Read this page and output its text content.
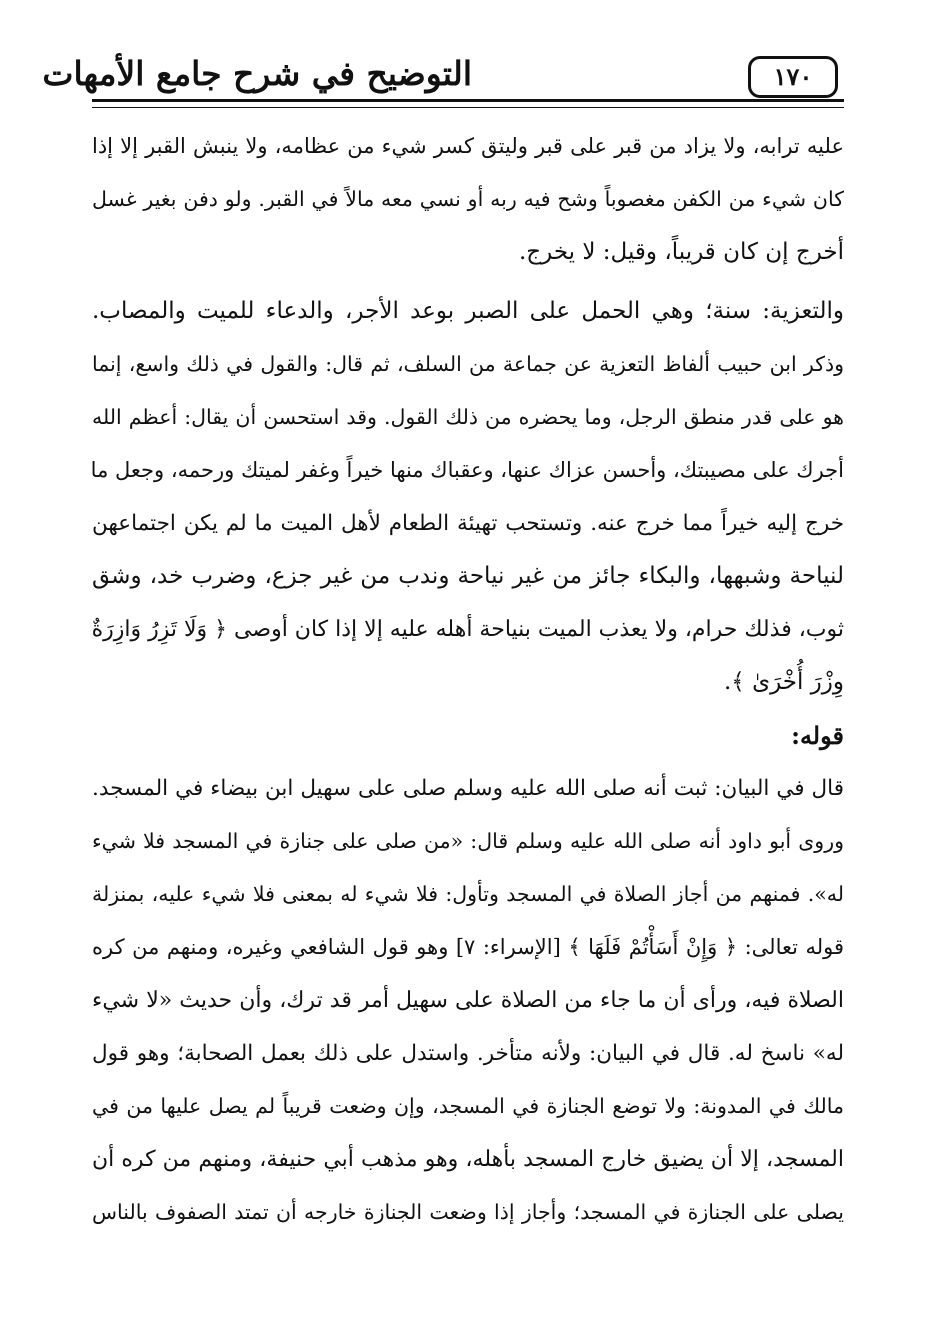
١٧٠
التوضيح في شرح جامع الأمهات
عليه ترابه، ولا يزاد من قبر على قبر وليتق كسر شيء من عظامه، ولا ينبش القبر إلا إذا
كان شيء من الكفن مغصوباً وشح فيه ربه أو نسي معه مالاً في القبر. ولو دفن بغير غسل
أخرج إن كان قريباً، وقيل: لا يخرج.
والتعزية: سنة؛ وهي الحمل على الصبر بوعد الأجر، والدعاء للميت والمصاب.
وذكر ابن حبيب ألفاظ التعزية عن جماعة من السلف، ثم قال: والقول في ذلك واسع، إنما
هو على قدر منطق الرجل، وما يحضره من ذلك القول. وقد استحسن أن يقال: أعظم الله
أجرك على مصيبتك، وأحسن عزاك عنها، وعقباك منها خيراً وغفر لميتك ورحمه، وجعل ما
خرج إليه خيراً مما خرج عنه. وتستحب تهيئة الطعام لأهل الميت ما لم يكن اجتماعهن
لنياحة وشبهها، والبكاء جائز من غير نياحة وندب من غير جزع، وضرب خد، وشق
ثوب، فذلك حرام، ولا يعذب الميت بنياحة أهله عليه إلا إذا كان أوصى ﴿ وَلَا تَزِرُ وَازِرَةٌ
وِزْرَ أُخْرَىٰ ﴾.
قوله:
قال في البيان: ثبت أنه صلى الله عليه وسلم صلى على سهيل ابن بيضاء في المسجد.
وروى أبو داود أنه صلى الله عليه وسلم قال: «من صلى على جنازة في المسجد فلا شيء
له». فمنهم من أجاز الصلاة في المسجد وتأول: فلا شيء له بمعنى فلا شيء عليه، بمنزلة
قوله تعالى: ﴿ وَإِنْ أَسَأْتُمْ فَلَهَا ﴾ [الإسراء: ٧] وهو قول الشافعي وغيره، ومنهم من كره
الصلاة فيه، ورأى أن ما جاء من الصلاة على سهيل أمر قد ترك، وأن حديث «لا شيء
له» ناسخ له. قال في البيان: ولأنه متأخر. واستدل على ذلك بعمل الصحابة؛ وهو قول
مالك في المدونة: ولا توضع الجنازة في المسجد، وإن وضعت قريباً لم يصل عليها من في
المسجد، إلا أن يضيق خارج المسجد بأهله، وهو مذهب أبي حنيفة، ومنهم من كره أن
يصلى على الجنازة في المسجد؛ وأجاز إذا وضعت الجنازة خارجه أن تمتد الصفوف بالناس
